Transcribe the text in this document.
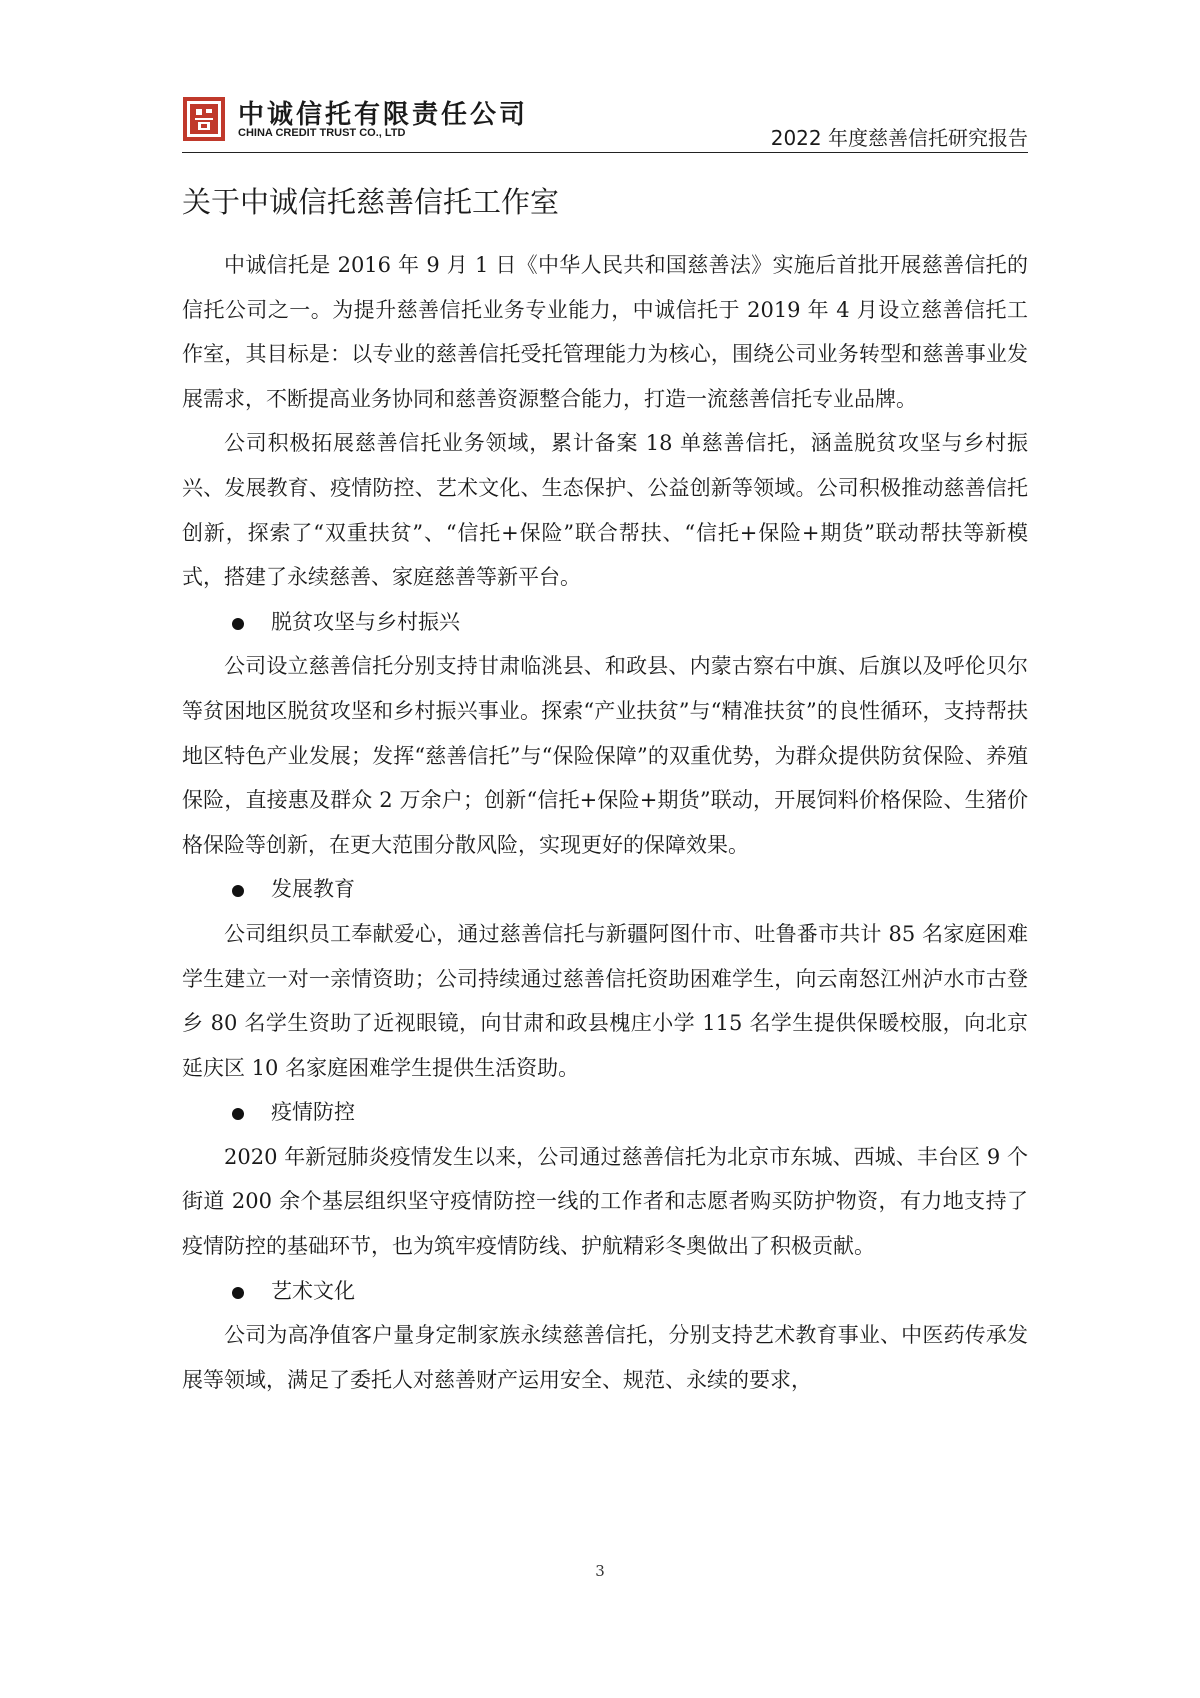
中诚信托有限责任公司
CHINA CREDIT TRUST CO., LTD	2022 年度慈善信托研究报告
关于中诚信托慈善信托工作室

中诚信托是 2016 年 9 月 1 日《中华人民共和国慈善法》实施后首批开展慈善信托的信托公司之一。为提升慈善信托业务专业能力，中诚信托于 2019 年 4 月设立慈善信托工作室，其目标是：以专业的慈善信托受托管理能力为核心，围绕公司业务转型和慈善事业发展需求，不断提高业务协同和慈善资源整合能力，打造一流慈善信托专业品牌。

公司积极拓展慈善信托业务领域，累计备案 18 单慈善信托，涵盖脱贫攻坚与乡村振兴、发展教育、疫情防控、艺术文化、生态保护、公益创新等领域。公司积极推动慈善信托创新，探索了“双重扶贫”、“信托+保险”联合帮扶、“信托+保险+期货”联动帮扶等新模式，搭建了永续慈善、家庭慈善等新平台。

脱贫攻坚与乡村振兴

公司设立慈善信托分别支持甘肃临洮县、和政县、内蒙古察右中旗、后旗以及呼伦贝尔等贫困地区脱贫攻坚和乡村振兴事业。探索“产业扶贫”与“精准扶贫”的良性循环，支持帮扶地区特色产业发展；发挥“慈善信托”与“保险保障”的双重优势，为群众提供防贫保险、养殖保险，直接惠及群众 2 万余户；创新“信托+保险+期货”联动，开展饲料价格保险、生猪价格保险等创新，在更大范围分散风险，实现更好的保障效果。

发展教育

公司组织员工奉献爱心，通过慈善信托与新疆阿图什市、吐鲁番市共计 85 名家庭困难学生建立一对一亲情资助；公司持续通过慈善信托资助困难学生，向云南怒江州泸水市古登乡 80 名学生资助了近视眼镜，向甘肃和政县槐庄小学 115 名学生提供保暖校服，向北京延庆区 10 名家庭困难学生提供生活资助。

疫情防控

2020 年新冠肺炎疫情发生以来，公司通过慈善信托为北京市东城、西城、丰台区 9 个街道 200 余个基层组织坚守疫情防控一线的工作者和志愿者购买防护物资，有力地支持了疫情防控的基础环节，也为筑牢疫情防线、护航精彩冬奥做出了积极贡献。

艺术文化

公司为高净值客户量身定制家族永续慈善信托，分别支持艺术教育事业、中医药传承发展等领域，满足了委托人对慈善财产运用安全、规范、永续的要求，

3
